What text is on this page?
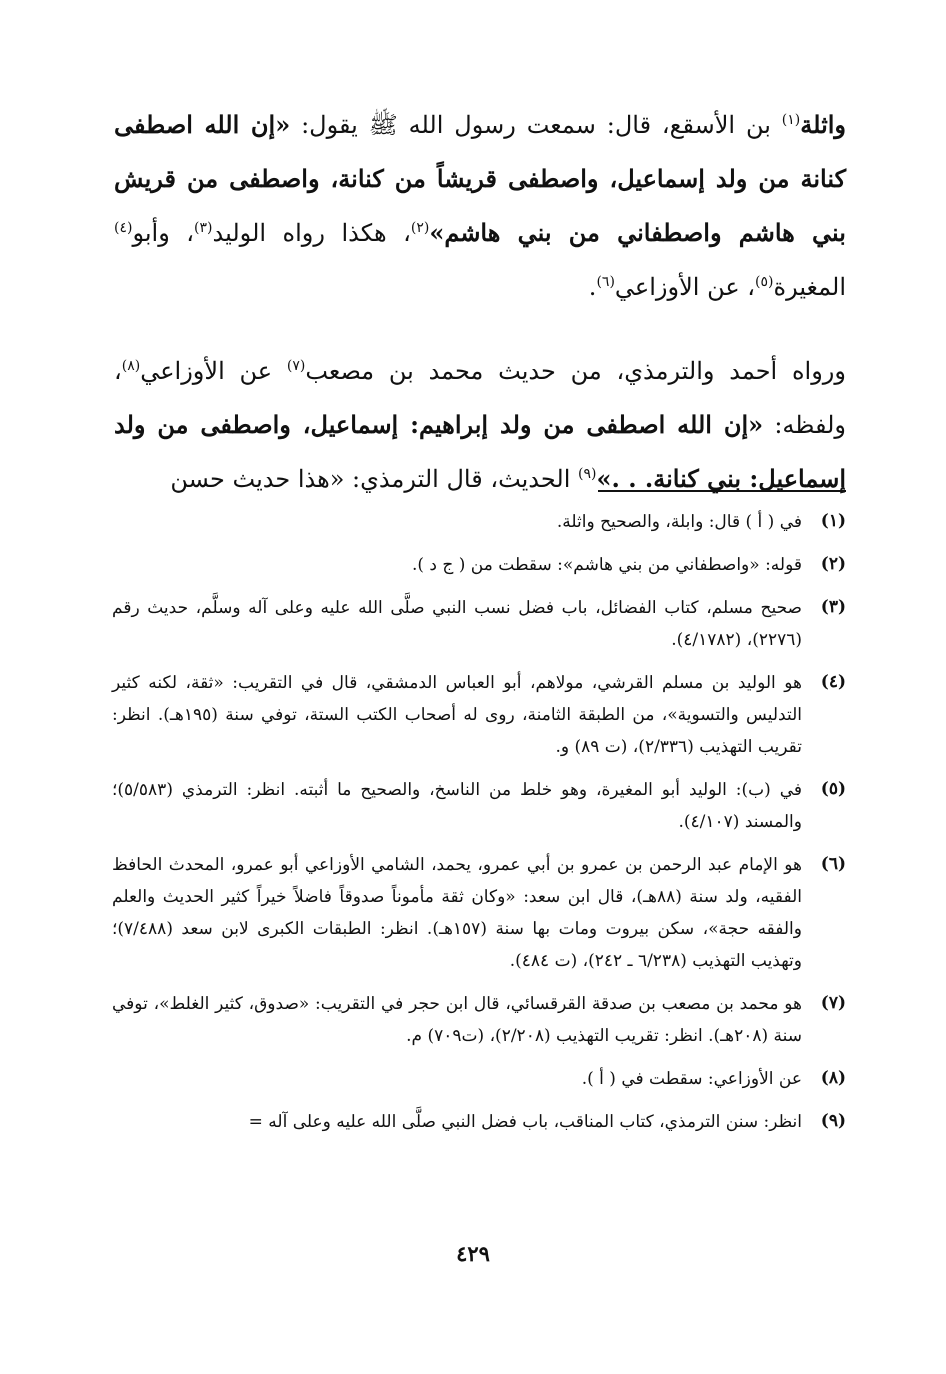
واثلة$^{(١)}$ بن الأسقع، قال: سمعت رسول الله ﷺ يقول: «إن الله اصطفى كنانة من ولد إسماعيل، واصطفى قريشاً من كنانة، واصطفى من قريش بني هاشم واصطفاني من بني هاشم»$^{(٢)}$، هكذا رواه الوليد$^{(٣)}$، وأبو$^{(٤)}$ المغيرة$^{(٥)}$، عن الأوزاعي$^{(٦)}$.

ورواه أحمد والترمذي، من حديث محمد بن مصعب$^{(٧)}$ عن الأوزاعي$^{(٨)}$، ولفظه: «إن الله اصطفى من ولد إبراهيم: إسماعيل، واصطفى من ولد إسماعيل: بني كنانة. . .»$^{(٩)}$ الحديث، قال الترمذي: «هذا حديث حسن

(١)

في ( أ ) قال: وابلة، والصحيح واثلة.

(٢)

قوله: «واصطفاني من بني هاشم»: سقطت من ( ج د ).

(٣)

صحيح مسلم، كتاب الفضائل، باب فضل نسب النبي صلَّى الله عليه وعلى آله وسلَّم، حديث رقم (٢٢٧٦)، (٤/١٧٨٢).

(٤)

هو الوليد بن مسلم القرشي، مولاهم، أبو العباس الدمشقي، قال في التقريب: «ثقة، لكنه كثير التدليس والتسوية»، من الطبقة الثامنة، روى له أصحاب الكتب الستة، توفي سنة (١٩٥هـ). انظر: تقريب التهذيب (٢/٣٣٦)، (ت ٨٩) و.

(٥)

في (ب): الوليد أبو المغيرة، وهو خلط من الناسخ، والصحيح ما أثبته. انظر: الترمذي (٥/٥٨٣)؛ والمسند (٤/١٠٧).

(٦)

هو الإمام عبد الرحمن بن عمرو بن أبي عمرو، يحمد، الشامي الأوزاعي أبو عمرو، المحدث الحافظ الفقيه، ولد سنة (٨٨هـ)، قال ابن سعد: «وكان ثقة مأموناً صدوقاً فاضلاً خيراً كثير الحديث والعلم والفقه حجة»، سكن بيروت ومات بها سنة (١٥٧هـ). انظر: الطبقات الكبرى لابن سعد (٧/٤٨٨)؛ وتهذيب التهذيب (٦/٢٣٨ ـ ٢٤٢)، (ت ٤٨٤).

(٧)

هو محمد بن مصعب بن صدقة القرقسائي، قال ابن حجر في التقريب: «صدوق، كثير الغلط»، توفي سنة (٢٠٨هـ). انظر: تقريب التهذيب (٢/٢٠٨)، (ت٧٠٩) م.

(٨)

عن الأوزاعي: سقطت في ( أ ).

(٩)

انظر: سنن الترمذي، كتاب المناقب، باب فضل النبي صلَّى الله عليه وعلى آله =

٤٢٩
